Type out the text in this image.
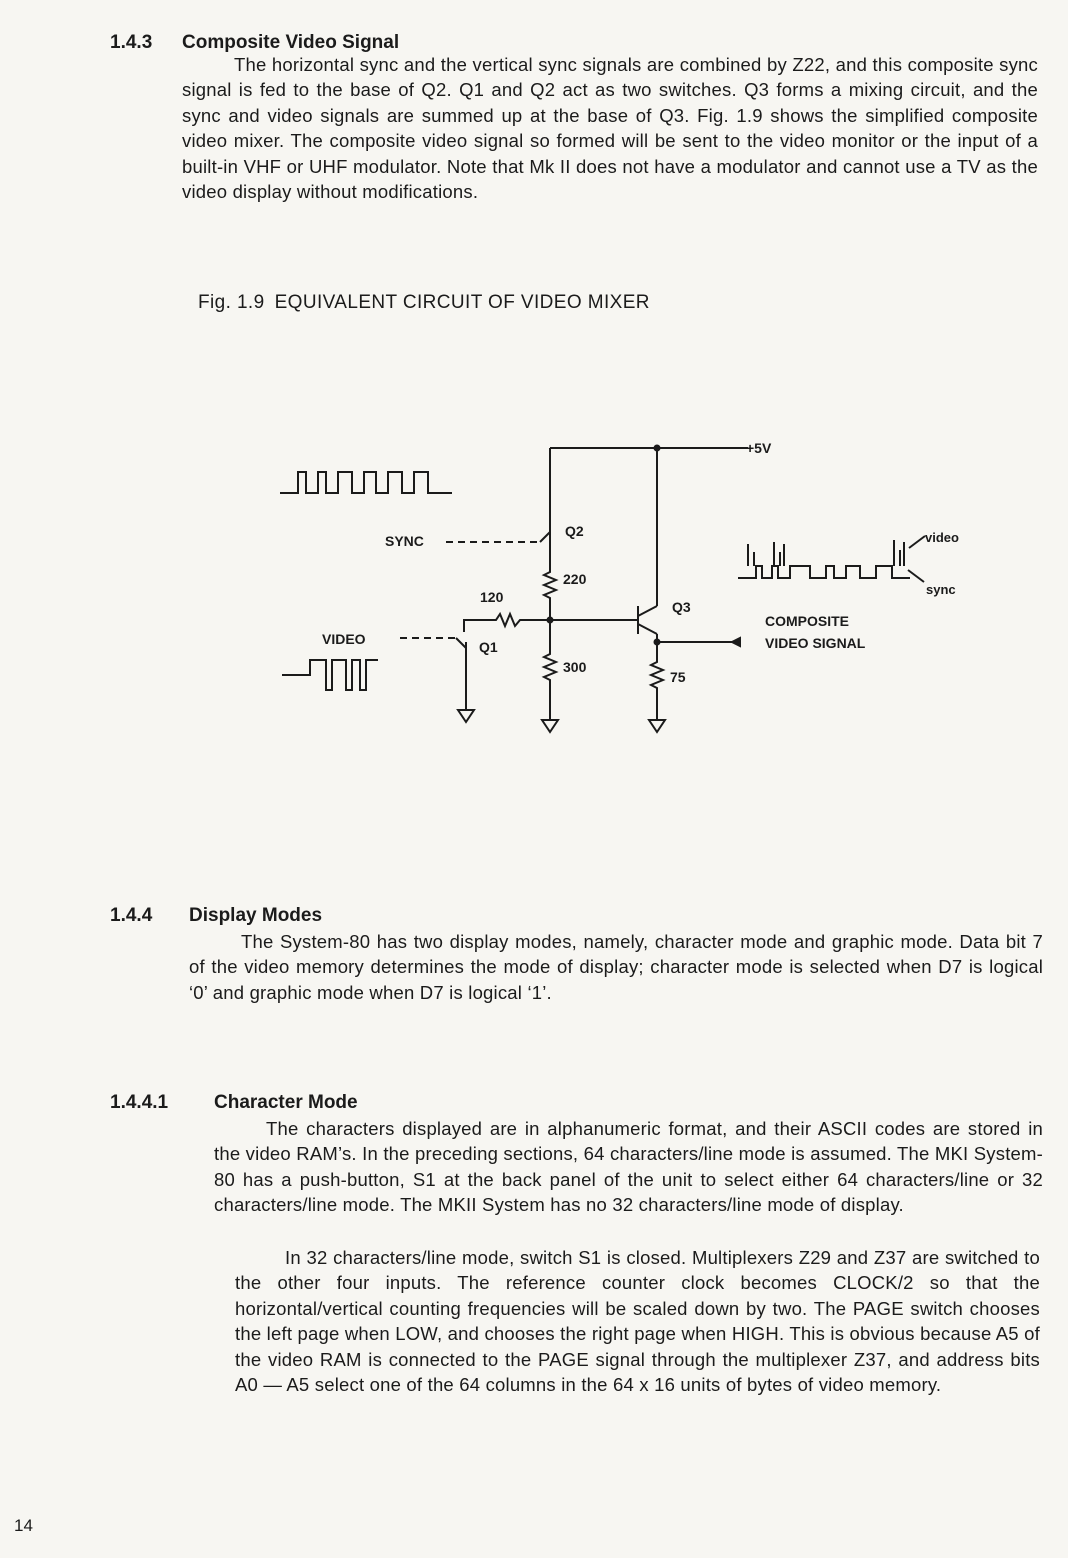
1.4.3 Composite Video Signal

The horizontal sync and the vertical sync signals are combined by Z22, and this composite sync signal is fed to the base of Q2. Q1 and Q2 act as two switches. Q3 forms a mixing circuit, and the sync and video signals are summed up at the base of Q3. Fig. 1.9 shows the simplified composite video mixer. The composite video signal so formed will be sent to the video monitor or the input of a built-in VHF or UHF modulator. Note that Mk II does not have a modulator and cannot use a TV as the video display without modifications.

Fig. 1.9 EQUIVALENT CIRCUIT OF VIDEO MIXER
+5V
SYNC
VIDEO
Q2
Q1
Q3
120
220
300
75
COMPOSITE
VIDEO SIGNAL
video
sync
1.4.4 Display Modes

The System-80 has two display modes, namely, character mode and graphic mode. Data bit 7 of the video memory determines the mode of display; character mode is selected when D7 is logical ‘0’ and graphic mode when D7 is logical ‘1’.

1.4.4.1 Character Mode

The characters displayed are in alphanumeric format, and their ASCII codes are stored in the video RAM’s. In the preceding sections, 64 characters/line mode is assumed. The MKI System-80 has a push-button, S1 at the back panel of the unit to select either 64 characters/line or 32 characters/line mode. The MKII System has no 32 characters/line mode of display.

In 32 characters/line mode, switch S1 is closed. Multiplexers Z29 and Z37 are switched to the other four inputs. The reference counter clock becomes CLOCK/2 so that the horizontal/vertical counting frequencies will be scaled down by two. The PAGE switch chooses the left page when LOW, and chooses the right page when HIGH. This is obvious because A5 of the video RAM is connected to the PAGE signal through the multiplexer Z37, and address bits A0 — A5 select one of the 64 columns in the 64 x 16 units of bytes of video memory.

14
